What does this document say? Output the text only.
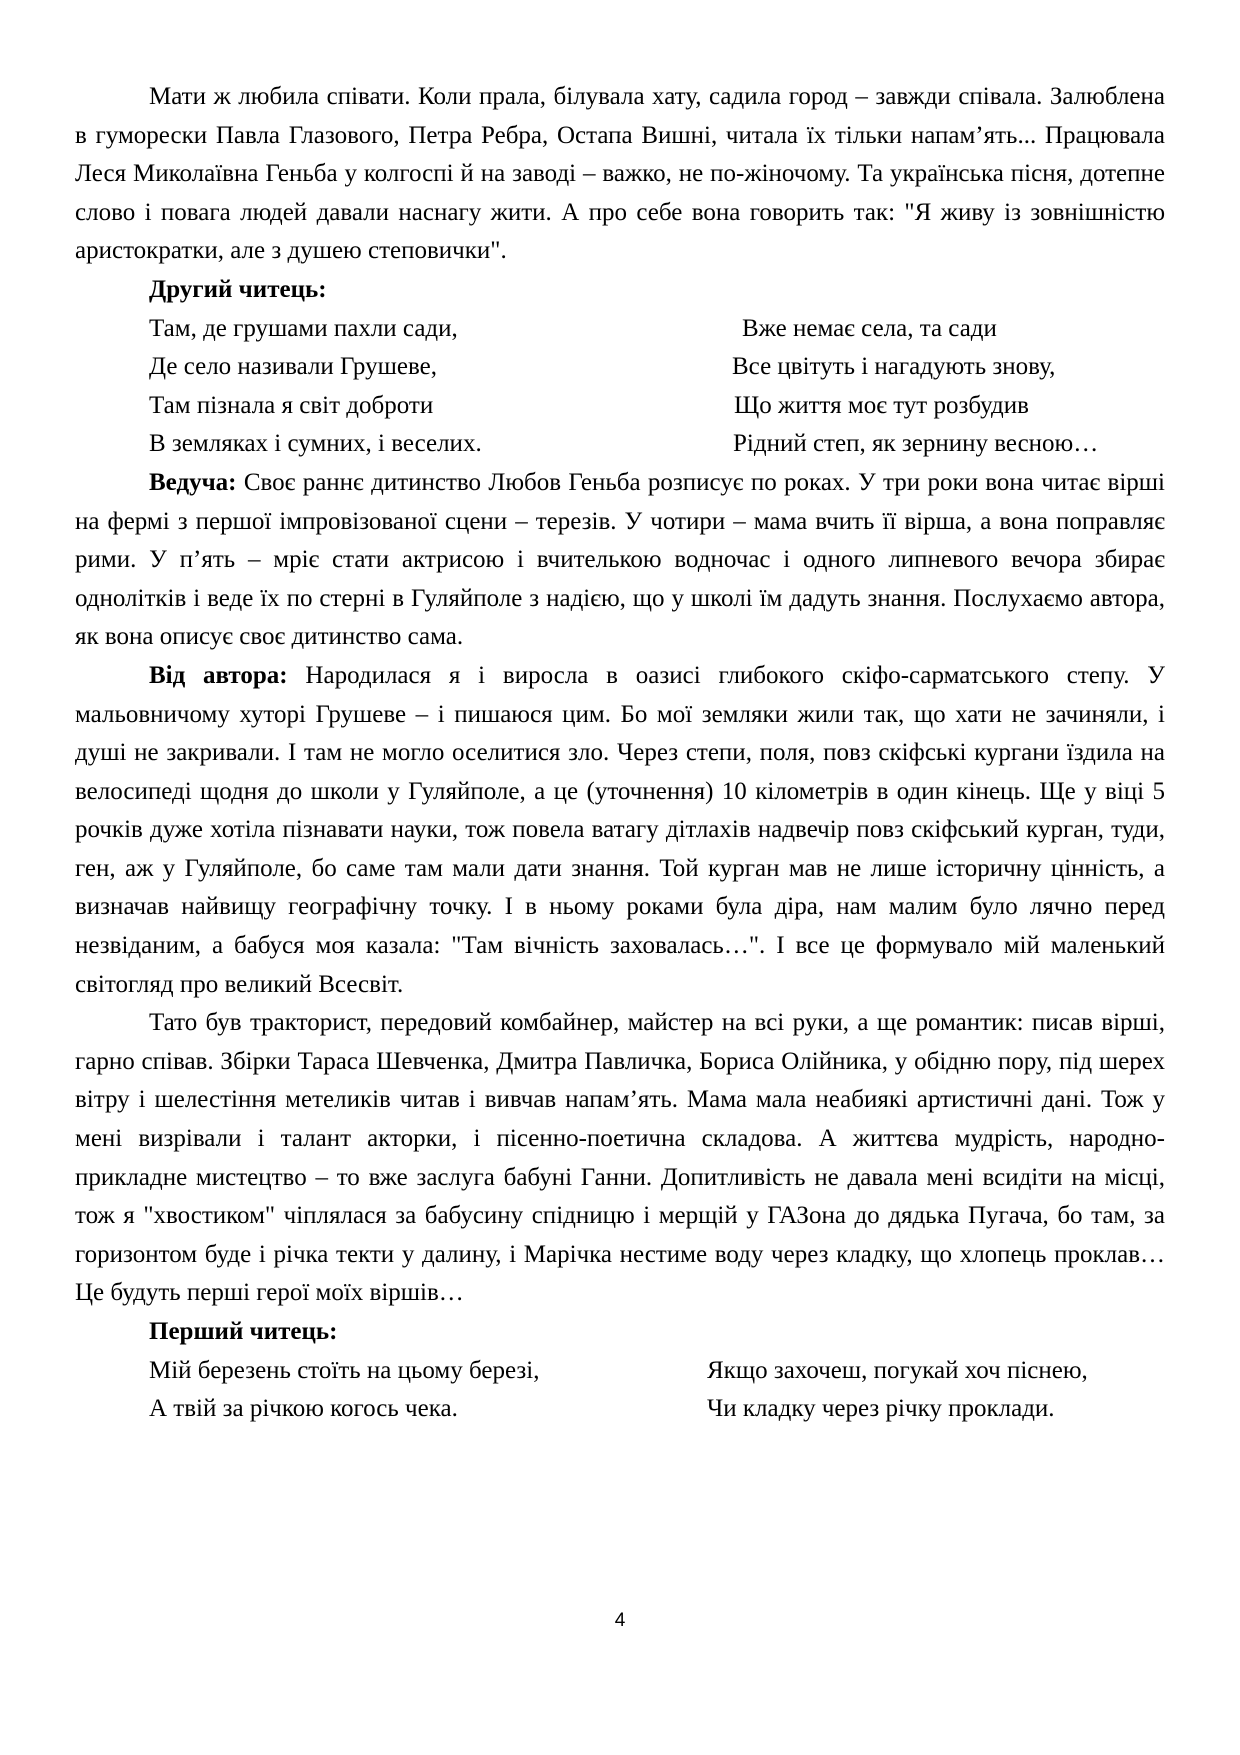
Мати ж любила співати. Коли прала, білувала хату, садила город – завжди співала. Залюблена в гуморески Павла Глазового, Петра Ребра, Остапа Вишні, читала їх тільки напам’ять... Працювала Леся Миколаївна Геньба у колгоспі й на заводі – важко, не по-жіночому. Та українська пісня, дотепне слово і повага людей давали наснагу жити. А про себе вона говорить так: "Я живу із зовнішністю аристократки, але з душею степовички".

Другий читець:

Там, де грушами пахли сади,	Вже немає села, та сади
Де село називали Грушеве,	Все цвітуть і нагадують знову,
Там пізнала я світ доброти	Що життя моє тут розбудив
В земляках і сумних, і веселих.	Рідний степ, як зернину весною…

Ведуча: Своє раннє дитинство Любов Геньба розписує по роках. У три роки вона читає вірші на фермі з першої імпровізованої сцени – терезів. У чотири – мама вчить її вірша, а вона поправляє рими. У п’ять – мріє стати актрисою і вчителькою водночас і одного липневого вечора збирає однолітків і веде їх по стерні в Гуляйполе з надією, що у школі їм дадуть знання. Послухаємо автора, як вона описує своє дитинство сама.

Від автора: Народилася я і виросла в оазисі глибокого скіфо-сарматського степу. У мальовничому хуторі Грушеве – і пишаюся цим. Бо мої земляки жили так, що хати не зачиняли, і душі не закривали. І там не могло оселитися зло. Через степи, поля, повз скіфські кургани їздила на велосипеді щодня до школи у Гуляйполе, а це (уточнення) 10 кілометрів в один кінець. Ще у віці 5 рочків дуже хотіла пізнавати науки, тож повела ватагу дітлахів надвечір повз скіфський курган, туди, ген, аж у Гуляйполе, бо саме там мали дати знання. Той курган мав не лише історичну цінність, а визначав найвищу географічну точку. І в ньому роками була діра, нам малим було лячно перед незвіданим, а бабуся моя казала: "Там вічність заховалась…". І все це формувало мій маленький світогляд про великий Всесвіт.

Тато був тракторист, передовий комбайнер, майстер на всі руки, а ще романтик: писав вірші, гарно співав. Збірки Тараса Шевченка, Дмитра Павличка, Бориса Олійника, у обідню пору, під шерех вітру і шелестіння метеликів читав і вивчав напам’ять. Мама мала неабиякі артистичні дані. Тож у мені визрівали і талант акторки, і пісенно-поетична складова. А життєва мудрість, народно-прикладне мистецтво – то вже заслуга бабуні Ганни. Допитливість не давала мені всидіти на місці, тож я "хвостиком" чіплялася за бабусину спідницю і мерщій у ГАЗона до дядька Пугача, бо там, за горизонтом буде і річка текти у далину, і Марічка нестиме воду через кладку, що хлопець проклав… Це будуть перші герої моїх віршів…

Перший читець:

Мій березень стоїть на цьому березі,	Якщо захочеш, погукай хоч піснею,
А твій за річкою когось чека.	Чи кладку через річку проклади.
4
